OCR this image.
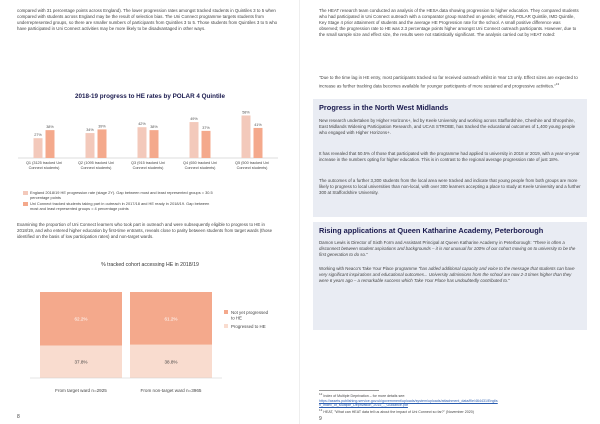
compared with 31 percentage points across England). The lower progression rates amongst tracked students in Quintiles 3 to 5 when compared with students across England may be the result of selection bias. The Uni Connect programme targets students from underrepresented groups, so there are smaller numbers of participants from Quintiles 3 to 5. Those students from Quintiles 3 to 5 who have participated in Uni Connect activities may be more likely to be disadvantaged in other ways.

2018-19 progress to HE rates by POLAR 4 Quintile
27%
38%
Q1 (3125 tracked Uni
Connect students)
34%
39%
Q2 (1095 tracked Uni
Connect students)
42%
38%
Q3 (915 tracked Uni
Connect students)
49%
37%
Q4 (650 tracked Uni
Connect students)
58%
41%
Q5 (500 tracked Uni
Connect students)
England 2018/19 HE progression rate (stage 2Y). Gap between most and least represented groups = 30.5
percentage points
Uni Connect tracked students taking part in outreach in 2017/18 and HE ready in 2018/19. Gap between
most and least represented groups = 4 percentage points

Examining the proportion of Uni Connect learners who took part in outreach and were subsequently eligible to progress to HE in 2018/19, and who entered higher education by first-time entrants, reveals close to parity between students from target wards (those identified on the basis of low participation rates) and non-target wards.

% tracked cohort accessing HE in 2018/19
62.2%
37.8%
From target ward n=2925
61.2%
38.8%
From non-target ward n=3965
Not yet progressed
to HE
Progressed to HE
8

The HEAT research team conducted an analysis of the HESA data showing progression to higher education. They compared students who had participated in Uni Connect outreach with a comparator group matched on gender, ethnicity, POLAR Quintile, IMD Quintile, Key Stage 4 prior attainment of students and the average HE Progression rate for the school. A small positive difference was observed; the progression rate to HE was 2.3 percentage points higher amongst Uni Connect outreach participants. However, due to the small sample size and effect size, the results were not statistically significant. The analysis carried out by HEAT noted:

"Due to the time lag in HE entry, most participants tracked so far received outreach whilst in Year 13 only. Effect sizes are expected to increase as further tracking data becomes available for younger participants of more sustained and progressive activities."$^{13}$

Progress in the North West Midlands

New research undertaken by Higher Horizons+, led by Keele University and working across Staffordshire, Cheshire and Shropshire, East Midlands Widening Participation Research, and UCAS STROBE, has tracked the educational outcomes of 1,400 young people who engaged with Higher Horizons+.

It has revealed that 50.5% of those that participated with the programme had applied to university in 2018 or 2019, with a year-on-year increase in the numbers opting for higher education. This is in contrast to the regional average progression rate of just 18%.

The outcomes of a further 3,300 students from the local area were tracked and indicate that young people from both groups are more likely to progress to local universities than non-local, with over 300 learners accepting a place to study at Keele University and a further 300 at Staffordshire University.

Rising applications at Queen Katharine Academy, Peterborough

Damon Lewis is Director of Sixth Form and Assistant Principal at Queen Katharine Academy in Peterborough: "There is often a disconnect between student aspirations and backgrounds – it is not unusual for 100% of our cohort moving on to university to be the first generation to do so."

Working with Neaco's Take Your Place programme "has added additional capacity and voice to the message that students can have very significant inspirations and educational outcomes... University admissions from the school are now 2-3 times higher than they were 6 years ago – a remarkable success which Take Your Place has undoubtedly contributed to."

$^{12}$ Index of Multiple Deprivation – for more details see:
https://assets.publishing.service.gov.uk/government/uploads/system/uploads/attachment_data/file/464431/English_Index_of_Multiple_Deprivation_2015_-_Guidance.pdf
$^{13}$ HEAT, "What can HEAT data tell us about the impact of Uni Connect so far?" (November 2020)
9
